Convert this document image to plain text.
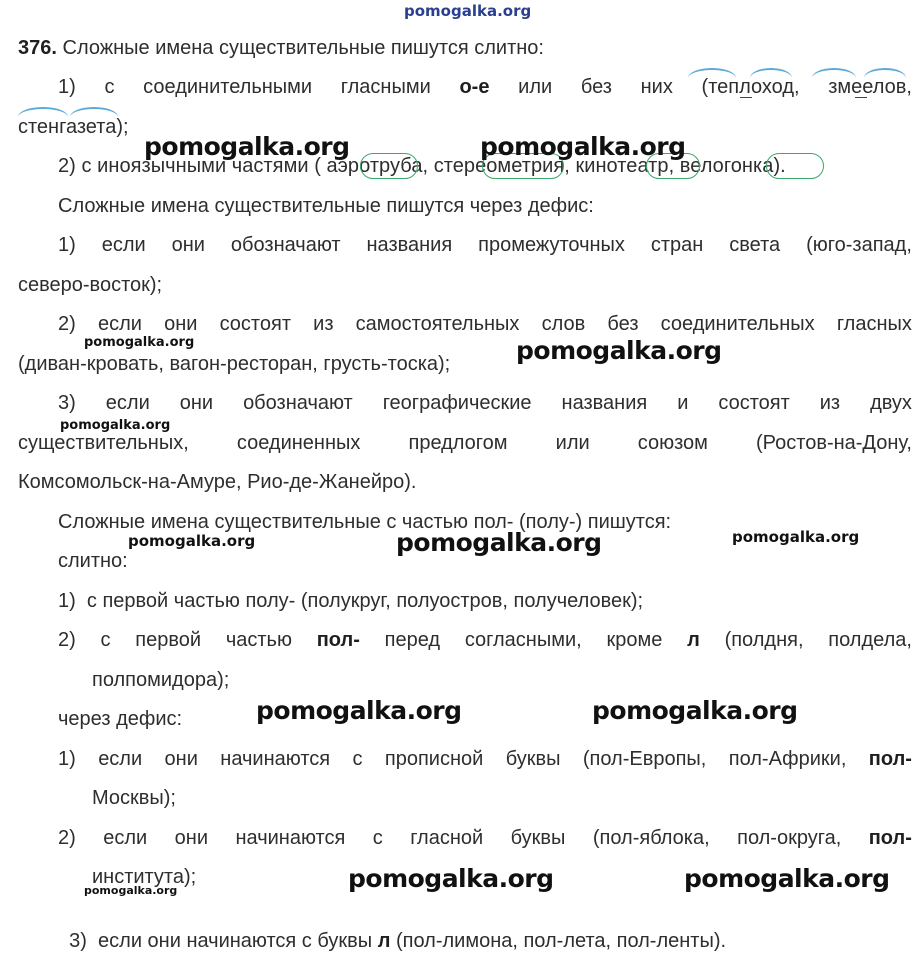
pomogalka.org
376. Сложные имена существительные пишутся слитно:
1) с соединительными гласными о-е или без них (теплоход, змеелов,
стенгазета);
2) с иноязычными частями ( аэротруба, стереометрия, кинотеатр, велогонка).
Сложные имена существительные пишутся через дефис:
1) если они обозначают названия промежуточных стран света (юго-запад,
северо-восток);
2) если они состоят из самостоятельных слов без соединительных гласных
(диван-кровать, вагон-ресторан, грусть-тоска);
3) если они обозначают географические названия и состоят из двух
существительных, соединенных предлогом или союзом (Ростов-на-Дону,
Комсомольск-на-Амуре, Рио-де-Жанейро).
Сложные имена существительные с частью пол- (полу-) пишутся:
слитно:
1)  с первой частью полу- (полукруг, полуостров, получеловек);
2) с первой частью пол- перед согласными, кроме л (полдня, полдела,
полпомидора);
через дефис:
1) если они начинаются с прописной буквы (пол-Европы, пол-Африки, пол-
Москвы);
2) если они начинаются с гласной буквы (пол-яблока, пол-округа, пол-
института);

3)  если они начинаются с буквы л (пол-лимона, пол-лета, пол-ленты).

pomogalka.org	pomogalka.org
pomogalka.org	pomogalka.org
pomogalka.org
pomogalka.org	pomogalka.org	pomogalka.org
pomogalka.org	pomogalka.org
pomogalka.org	pomogalka.org	pomogalka.org
